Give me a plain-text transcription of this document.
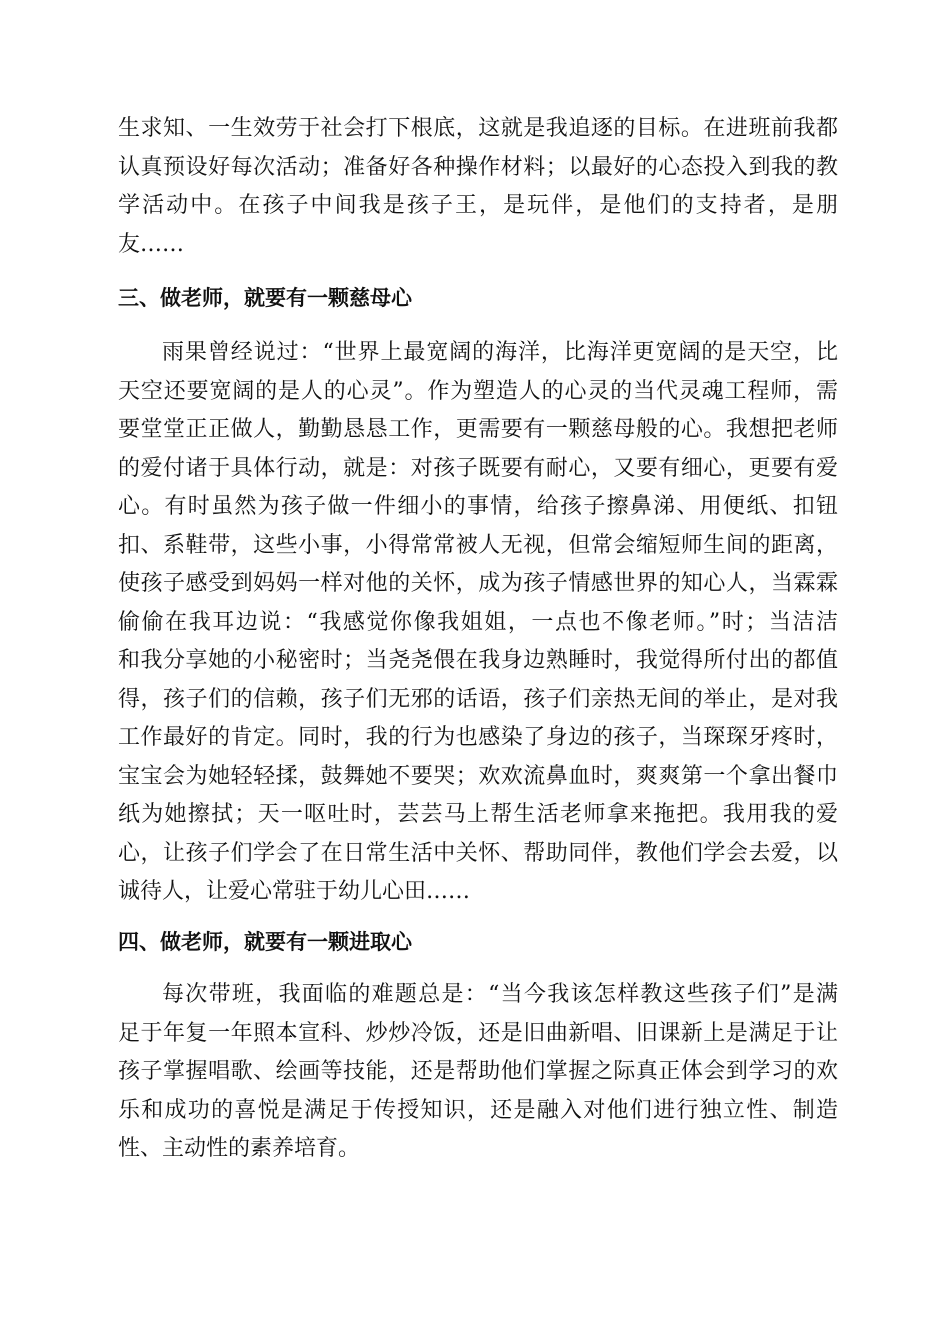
生求知、一生效劳于社会打下根底，这就是我追逐的目标。在进班前我都
认真预设好每次活动；准备好各种操作材料；以最好的心态投入到我的教
学活动中。在孩子中间我是孩子王，是玩伴，是他们的支持者，是朋
友……
三、做老师，就要有一颗慈母心
雨果曾经说过：“世界上最宽阔的海洋，比海洋更宽阔的是天空，比
天空还要宽阔的是人的心灵”。作为塑造人的心灵的当代灵魂工程师，需
要堂堂正正做人，勤勤恳恳工作，更需要有一颗慈母般的心。我想把老师
的爱付诸于具体行动，就是：对孩子既要有耐心，又要有细心，更要有爱
心。有时虽然为孩子做一件细小的事情，给孩子擦鼻涕、用便纸、扣钮
扣、系鞋带，这些小事，小得常常被人无视，但常会缩短师生间的距离，
使孩子感受到妈妈一样对他的关怀，成为孩子情感世界的知心人，当霖霖
偷偷在我耳边说：“我感觉你像我姐姐，一点也不像老师。”时；当洁洁
和我分享她的小秘密时；当尧尧偎在我身边熟睡时，我觉得所付出的都值
得，孩子们的信赖，孩子们无邪的话语，孩子们亲热无间的举止，是对我
工作最好的肯定。同时，我的行为也感染了身边的孩子，当琛琛牙疼时，
宝宝会为她轻轻揉，鼓舞她不要哭；欢欢流鼻血时，爽爽第一个拿出餐巾
纸为她擦拭；天一呕吐时，芸芸马上帮生活老师拿来拖把。我用我的爱
心，让孩子们学会了在日常生活中关怀、帮助同伴，教他们学会去爱，以
诚待人，让爱心常驻于幼儿心田……
四、做老师，就要有一颗进取心
每次带班，我面临的难题总是：“当今我该怎样教这些孩子们”是满
足于年复一年照本宣科、炒炒冷饭，还是旧曲新唱、旧课新上是满足于让
孩子掌握唱歌、绘画等技能，还是帮助他们掌握之际真正体会到学习的欢
乐和成功的喜悦是满足于传授知识，还是融入对他们进行独立性、制造
性、主动性的素养培育。
